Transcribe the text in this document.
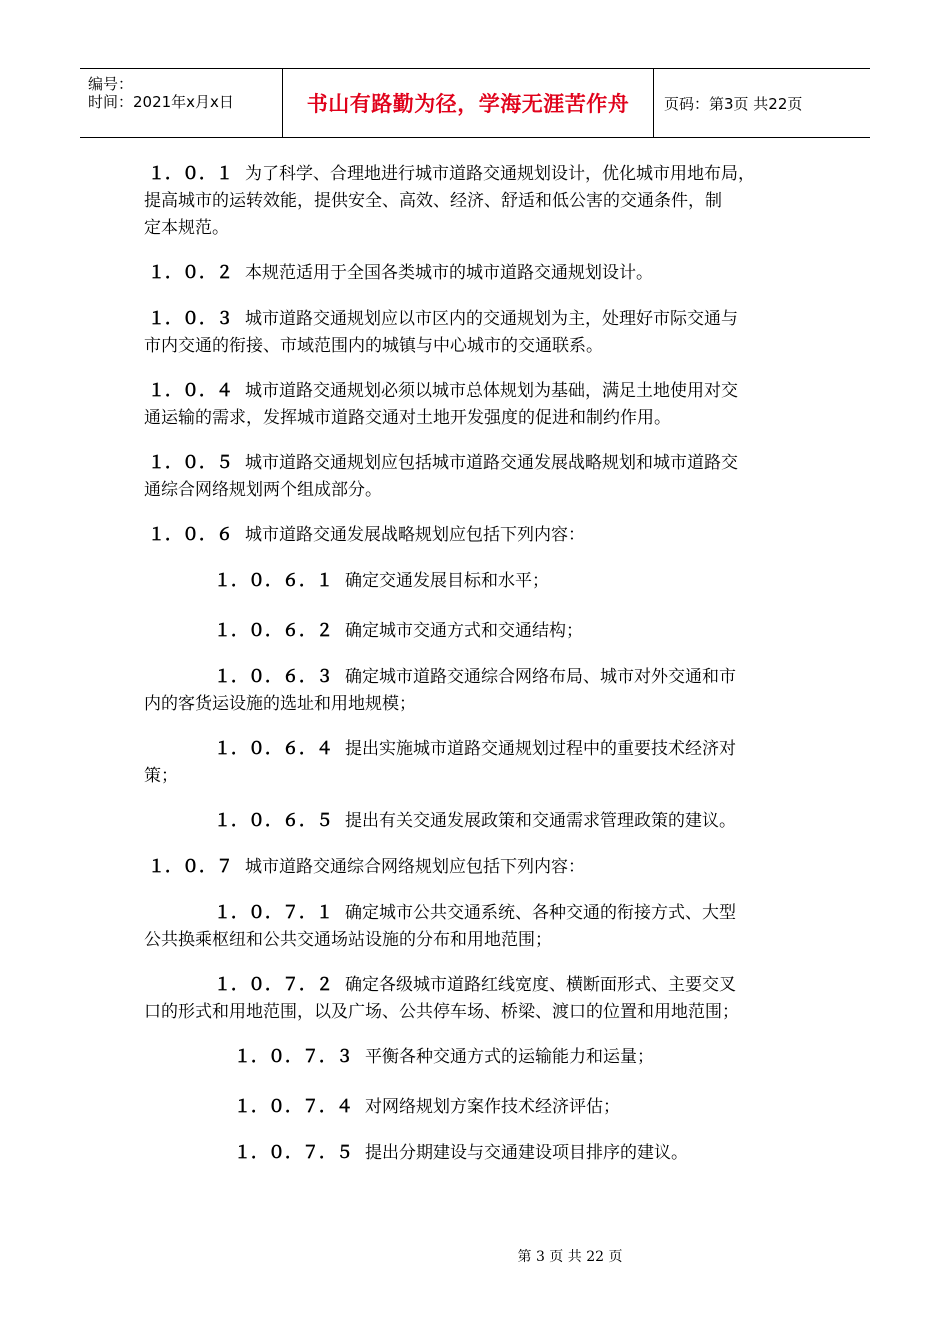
编号：
时间：2021年x月x日	书山有路勤为径，学海无涯苦作舟	页码：第3页 共22页
１．０．１ 为了科学、合理地进行城市道路交通规划设计，优化城市用地布局，
提高城市的运转效能，提供安全、高效、经济、舒适和低公害的交通条件，制
定本规范。
１．０．２ 本规范适用于全国各类城市的城市道路交通规划设计。
１．０．３ 城市道路交通规划应以市区内的交通规划为主，处理好市际交通与
市内交通的衔接、市域范围内的城镇与中心城市的交通联系。
１．０．４ 城市道路交通规划必须以城市总体规划为基础，满足土地使用对交
通运输的需求，发挥城市道路交通对土地开发强度的促进和制约作用。
１．０．５ 城市道路交通规划应包括城市道路交通发展战略规划和城市道路交
通综合网络规划两个组成部分。
１．０．６ 城市道路交通发展战略规划应包括下列内容：
１．０．６．１ 确定交通发展目标和水平；
１．０．６．２ 确定城市交通方式和交通结构；
１．０．６．３ 确定城市道路交通综合网络布局、城市对外交通和市
内的客货运设施的选址和用地规模；
１．０．６．４ 提出实施城市道路交通规划过程中的重要技术经济对
策；
１．０．６．５ 提出有关交通发展政策和交通需求管理政策的建议。
１．０．７ 城市道路交通综合网络规划应包括下列内容：
１．０．７．１ 确定城市公共交通系统、各种交通的衔接方式、大型
公共换乘枢纽和公共交通场站设施的分布和用地范围；
１．０．７．２ 确定各级城市道路红线宽度、横断面形式、主要交叉
口的形式和用地范围，以及广场、公共停车场、桥梁、渡口的位置和用地范围；
１．０．７．３ 平衡各种交通方式的运输能力和运量；
１．０．７．４ 对网络规划方案作技术经济评估；
１．０．７．５ 提出分期建设与交通建设项目排序的建议。
第 3 页 共 22 页
